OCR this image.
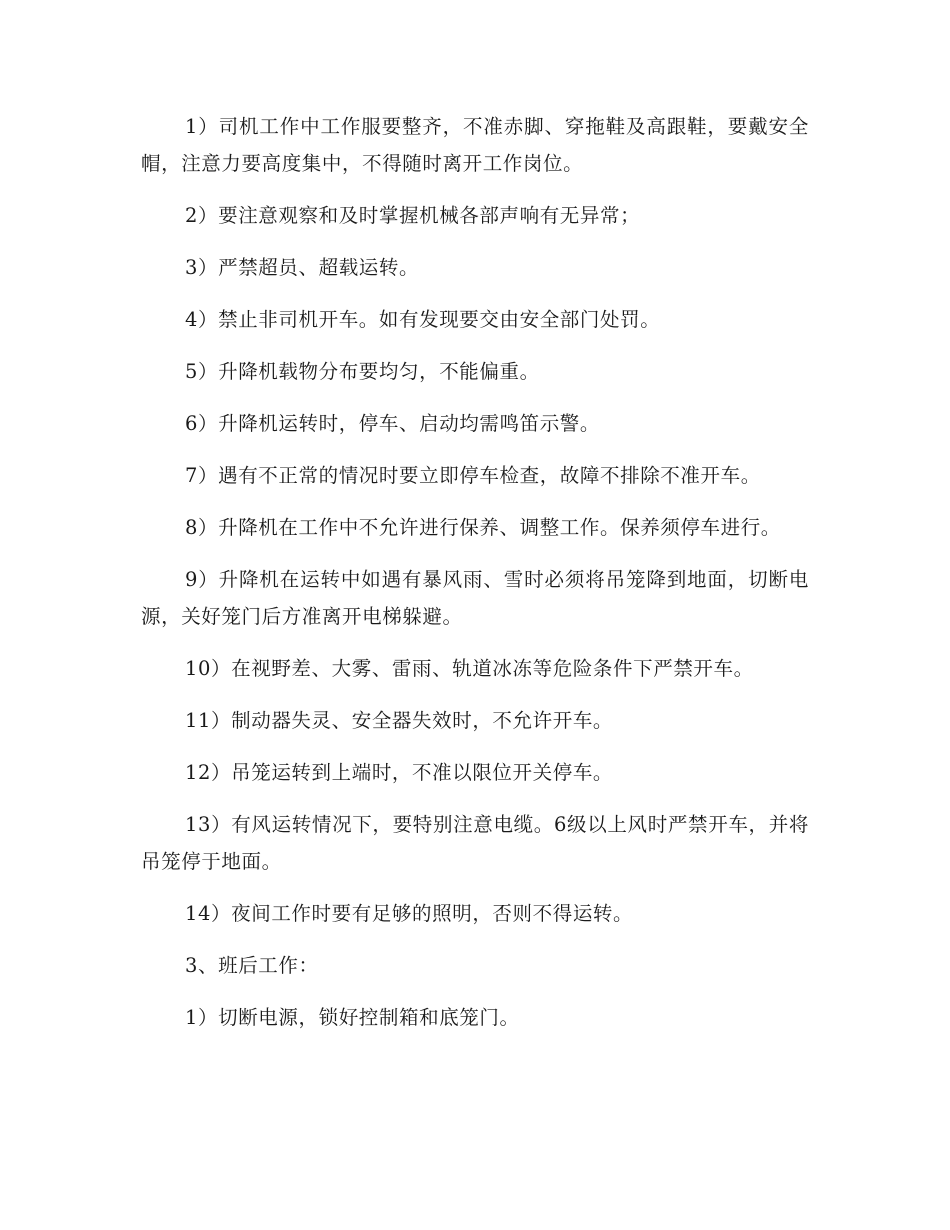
1）司机工作中工作服要整齐，不准赤脚、穿拖鞋及高跟鞋，要戴安全帽，注意力要高度集中，不得随时离开工作岗位。

2）要注意观察和及时掌握机械各部声响有无异常；

3）严禁超员、超载运转。

4）禁止非司机开车。如有发现要交由安全部门处罚。

5）升降机载物分布要均匀，不能偏重。

6）升降机运转时，停车、启动均需鸣笛示警。

7）遇有不正常的情况时要立即停车检查，故障不排除不准开车。

8）升降机在工作中不允许进行保养、调整工作。保养须停车进行。

9）升降机在运转中如遇有暴风雨、雪时必须将吊笼降到地面，切断电源，关好笼门后方准离开电梯躲避。

10）在视野差、大雾、雷雨、轨道冰冻等危险条件下严禁开车。

11）制动器失灵、安全器失效时，不允许开车。

12）吊笼运转到上端时，不准以限位开关停车。

13）有风运转情况下，要特别注意电缆。6级以上风时严禁开车，并将吊笼停于地面。

14）夜间工作时要有足够的照明，否则不得运转。

3、班后工作：

1）切断电源，锁好控制箱和底笼门。
